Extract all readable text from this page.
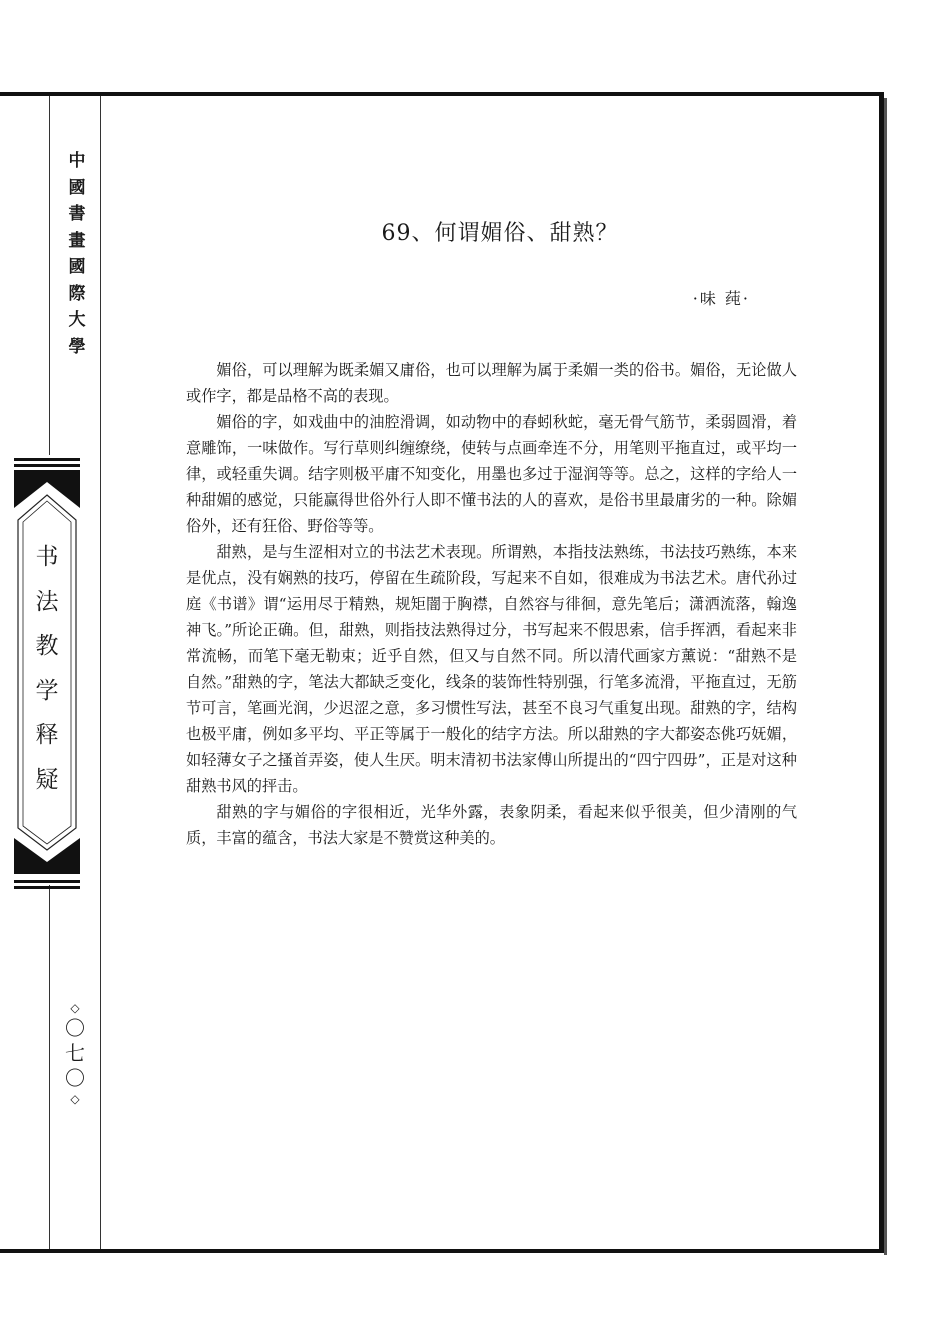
中
國
書
畫
國
際
大
學
书
法
教
学
释
疑
◇
〇
七
〇
◇
69、何谓媚俗、甜熟？
·味 莼·

媚俗，可以理解为既柔媚又庸俗，也可以理解为属于柔媚一类的俗书。媚俗，无论做人或作字，都是品格不高的表现。

媚俗的字，如戏曲中的油腔滑调，如动物中的春蚓秋蛇，毫无骨气筋节，柔弱圆滑，着意雕饰，一味做作。写行草则纠缠缭绕，使转与点画牵连不分，用笔则平拖直过，或平均一律，或轻重失调。结字则极平庸不知变化，用墨也多过于湿润等等。总之，这样的字给人一种甜媚的感觉，只能赢得世俗外行人即不懂书法的人的喜欢，是俗书里最庸劣的一种。除媚俗外，还有狂俗、野俗等等。

甜熟，是与生涩相对立的书法艺术表现。所谓熟，本指技法熟练，书法技巧熟练，本来是优点，没有娴熟的技巧，停留在生疏阶段，写起来不自如，很难成为书法艺术。唐代孙过庭《书谱》谓“运用尽于精熟，规矩闇于胸襟，自然容与徘徊，意先笔后；潇洒流落，翰逸神飞。”所论正确。但，甜熟，则指技法熟得过分，书写起来不假思索，信手挥洒，看起来非常流畅，而笔下毫无勒束；近乎自然，但又与自然不同。所以清代画家方薰说：“甜熟不是自然。”甜熟的字，笔法大都缺乏变化，线条的装饰性特别强，行笔多流滑，平拖直过，无筋节可言，笔画光润，少迟涩之意，多习惯性写法，甚至不良习气重复出现。甜熟的字，结构也极平庸，例如多平均、平正等属于一般化的结字方法。所以甜熟的字大都姿态佻巧妩媚，如轻薄女子之搔首弄姿，使人生厌。明末清初书法家傅山所提出的“四宁四毋”，正是对这种甜熟书风的抨击。

甜熟的字与媚俗的字很相近，光华外露，表象阴柔，看起来似乎很美，但少清刚的气质，丰富的蕴含，书法大家是不赞赏这种美的。
